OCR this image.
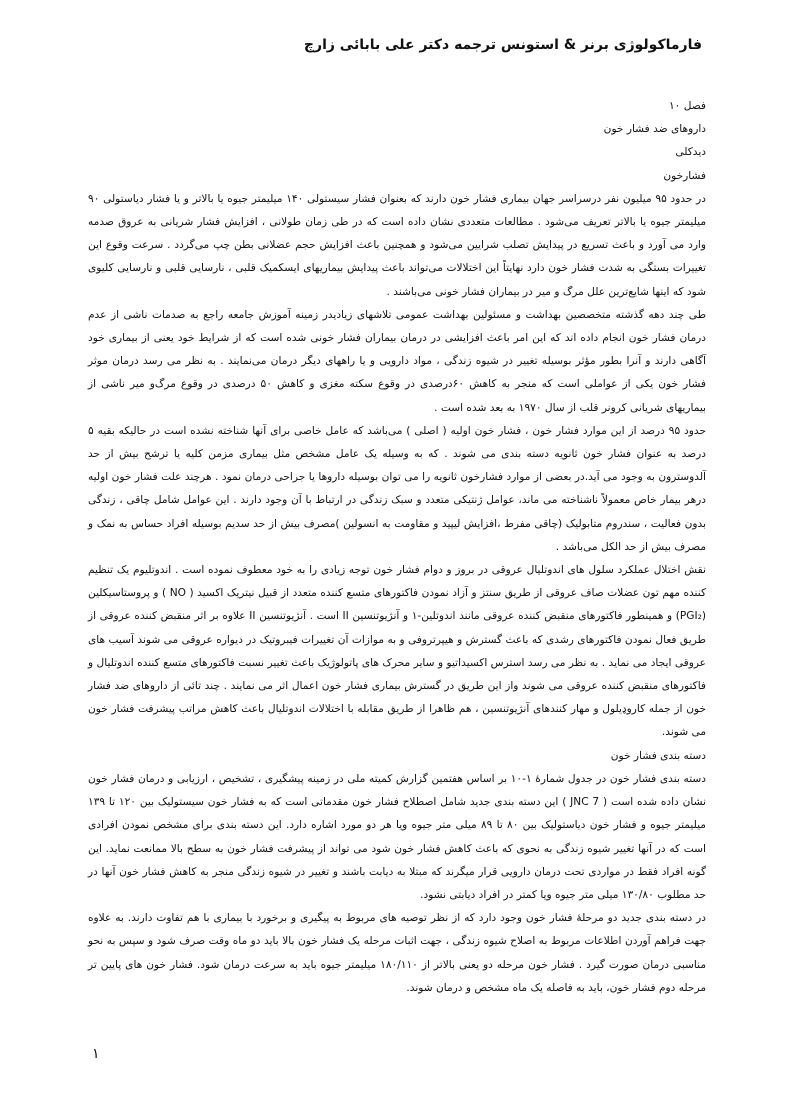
فارماکولوژی برنر & استونس ترجمه دکتر علی بابائی زارچ
فصل ۱۰
داروهای ضد فشار خون
دیدکلی
فشارخون

در حدود ۹۵ میلیون نفر درسراسر جهان بیماری فشار خون دارند که بعنوان فشار سیستولی ۱۴۰ میلیمتر جیوه یا بالاتر و یا فشار دیاستولی ۹۰ میلیمتر جیوه یا بالاتر تعریف می‌شود . مطالعات متعددی نشان داده است که در طی زمان طولانی ، افزایش فشار شریانی به عروق صدمه وارد می آورد و باعث تسریع در پیدایش تصلب شرایین می‌شود و همچنین باعث افزایش حجم عضلانی بطن چپ می‌گردد . سرعت وقوع این تغییرات بستگی به شدت فشار خون دارد نهایتاً این اختلالات می‌تواند باعث پیدایش بیماریهای ایسکمیک قلبی ، نارسایی قلبی و نارسایی کلیوی شود که اینها شایع‌ترین علل مرگ و میر در بیماران فشار خونی می‌باشند .

طی چند دهه گذشته متخصصین بهداشت و مسئولین بهداشت عمومی تلاشهای زیادیدر زمینه آموزش جامعه راجع به صدمات ناشی از عدم درمان فشار خون انجام داده اند که این امر باعث افزایشی در درمان بیماران فشار خونی شده است که از شرایط خود یعنی از بیماری خود آگاهی دارند و آنرا بطور مؤثر بوسیله تغییر در شیوه زندگی ، مواد دارویی و یا راههای دیگر درمان می‌نمایند . به نظر می رسد درمان موثر فشار خون یکی از عواملی است که منجر به کاهش ۶۰درصدی در وقوع سکته مغزی و کاهش ۵۰ درصدی در وقوع مرگ‌و میر ناشی از بیماریهای شریانی کرونر قلب از سال ۱۹۷۰ به بعد شده است .

حدود ۹۵ درصد از این موارد فشار خون ، فشار خون اولیه ( اصلی ) می‌باشد که عامل خاصی برای آنها شناخته نشده است در حالیکه بقیه ۵ درصد به عنوان فشار خون ثانویه دسته بندی می شوند . که به وسیله یک عامل مشخص مثل بیماری مزمن کلیه یا ترشح بیش از حد آلدوسترون به وجود می آید.در بعضی از موارد فشارخون ثانویه را می توان بوسیله داروها یا جراحی درمان نمود . هرچند علت فشار خون اولیه درهر بیمار خاص معمولاً ناشناخته می ماند، عوامل ژنتیکی متعدد و سبک زندگی در ارتباط با آن وجود دارند . این عوامل شامل چاقی ، زندگی بدون فعالیت ، سندروم متابولیک (چاقی مفرط ،افزایش لیپید و مقاومت به انسولین )مصرف بیش از حد سدیم بوسیله افراد حساس به نمک و مصرف بیش از حد الکل می‌باشد .

نقش اختلال عملکرد سلول های اندوتلیال عروقی در بروز و دوام فشار خون توجه زیادی را به خود معطوف نموده است . اندوتلیوم یک تنظیم کننده مهم تون عضلات صاف عروقی از طریق سنتز و آزاد نمودن فاکتورهای متسع کننده متعدد از قبیل نیتریک اکسید ( NO ) و پروستاسیکلین (PGI₂) و همینطور فاکتورهای منقبض کننده عروقی مانند اندوتلین-۱ و آنژیوتنسین II است . آنژیوتنسین II علاوه بر اثر منقبض کننده عروقی از طریق فعال نمودن فاکتورهای رشدی که باعث گسترش و هیپرتروفی و به موازات آن تغییرات فیبروتیک در دیواره عروقی می شوند آسیب های عروقی ایجاد می نماید . به نظر می رسد استرس اکسیداتیو و سایر محرک های پاتولوژیک باعث تغییر نسبت فاکتورهای متسع کننده اندوتلیال و فاکتورهای منقبض کننده عروقی می شوند واز این طریق در گسترش بیماری فشار خون اعمال اثر می نمایند . چند تائی از داروهای ضد فشار خون از جمله کاروډیلول و مهار کنندهای آنژیوتنسین ، هم ظاهرا از طریق مقابله با اختلالات اندوتلیال باعث کاهش مراتب پیشرفت فشار خون می شوند.

دسته بندی فشار خون

دسته بندی فشار خون در جدول شمارۀ ۱-۱۰ بر اساس هفتمین گزارش کمیته ملی در زمینه پیشگیری ، تشخیص ، ارزیابی و درمان فشار خون نشان داده شده است ( JNC 7 ) این دسته بندی جدید شامل اصطلاح فشار خون مقدماتی است که به فشار خون سیستولیک بین ۱۲۰ تا ۱۳۹ میلیمتر جیوه و فشار خون دیاستولیک بین ۸۰ تا ۸۹ میلی متر جیوه ویا هر دو مورد اشاره دارد. این دسته بندی برای مشخص نمودن افرادی است که در آنها تغییر شیوه زندگی به نحوی که باعث کاهش فشار خون شود می تواند از پیشرفت فشار خون به سطح بالا ممانعت نماید. این گونه افراد فقط در مواردی تحت درمان دارویی قرار میگرند که مبتلا به دیابت باشند و تغییر در شیوه زندگی منجر به کاهش فشار خون آنها در حد مطلوب ۱۳۰/۸۰ میلی متر جیوه ویا کمتر در افراد دیابتی نشود.

در دسته بندی جدید دو مرحلۀ فشار خون وجود دارد که از نظر توصیه های مربوط به پیگیری و برخورد با بیماری با هم تفاوت دارند. به علاوه جهت فراهم آوردن اطلاعات مربوط به اصلاح شیوه زندگی ، جهت اثبات مرحله یک فشار خون بالا باید دو ماه وقت صرف شود و سپس به نحو مناسبی درمان صورت گیرد . فشار خون مرحله دو یعنی بالاتر از ۱۸۰/۱۱۰ میلیمتر جیوه باید به سرعت درمان شود. فشار خون های پایین تر مرحله دوم فشار خون، باید به فاصله یک ماه مشخص و درمان شوند.

۱
